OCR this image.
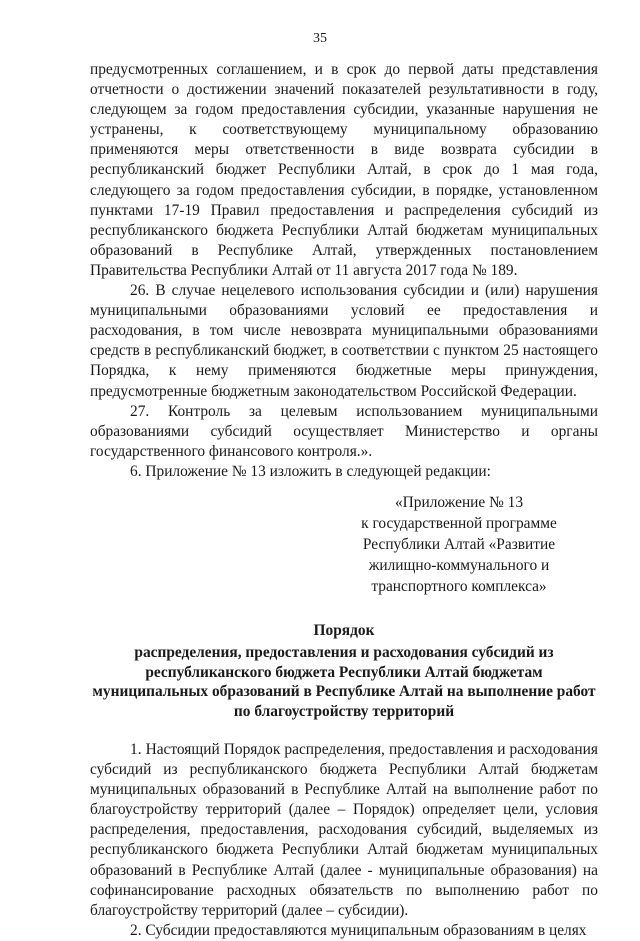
35

предусмотренных соглашением, и в срок до первой даты представления отчетности о достижении значений показателей результативности в году, следующем за годом предоставления субсидии, указанные нарушения не устранены, к соответствующему муниципальному образованию применяются меры ответственности в виде возврата субсидии в республиканский бюджет Республики Алтай, в срок до 1 мая года, следующего за годом предоставления субсидии, в порядке, установленном пунктами 17-19 Правил предоставления и распределения субсидий из республиканского бюджета Республики Алтай бюджетам муниципальных образований в Республике Алтай, утвержденных постановлением Правительства Республики Алтай от 11 августа 2017 года № 189.

26. В случае нецелевого использования субсидии и (или) нарушения муниципальными образованиями условий ее предоставления и расходования, в том числе невозврата муниципальными образованиями средств в республиканский бюджет, в соответствии с пунктом 25 настоящего Порядка, к нему применяются бюджетные меры принуждения, предусмотренные бюджетным законодательством Российской Федерации.

27. Контроль за целевым использованием муниципальными образованиями субсидий осуществляет Министерство и органы государственного финансового контроля.».

6. Приложение № 13 изложить в следующей редакции:

«Приложение № 13
к государственной программе
Республики Алтай «Развитие
жилищно-коммунального и
транспортного комплекса»
Порядок
распределения, предоставления и расходования субсидий из
республиканского бюджета Республики Алтай бюджетам
муниципальных образований в Республике Алтай на выполнение работ
по благоустройству территорий

1. Настоящий Порядок распределения, предоставления и расходования субсидий из республиканского бюджета Республики Алтай бюджетам муниципальных образований в Республике Алтай на выполнение работ по благоустройству территорий (далее – Порядок) определяет цели, условия распределения, предоставления, расходования субсидий, выделяемых из республиканского бюджета Республики Алтай бюджетам муниципальных образований в Республике Алтай (далее - муниципальные образования) на софинансирование расходных обязательств по выполнению работ по благоустройству территорий (далее – субсидии).

2. Субсидии предоставляются муниципальным образованиям в целях
